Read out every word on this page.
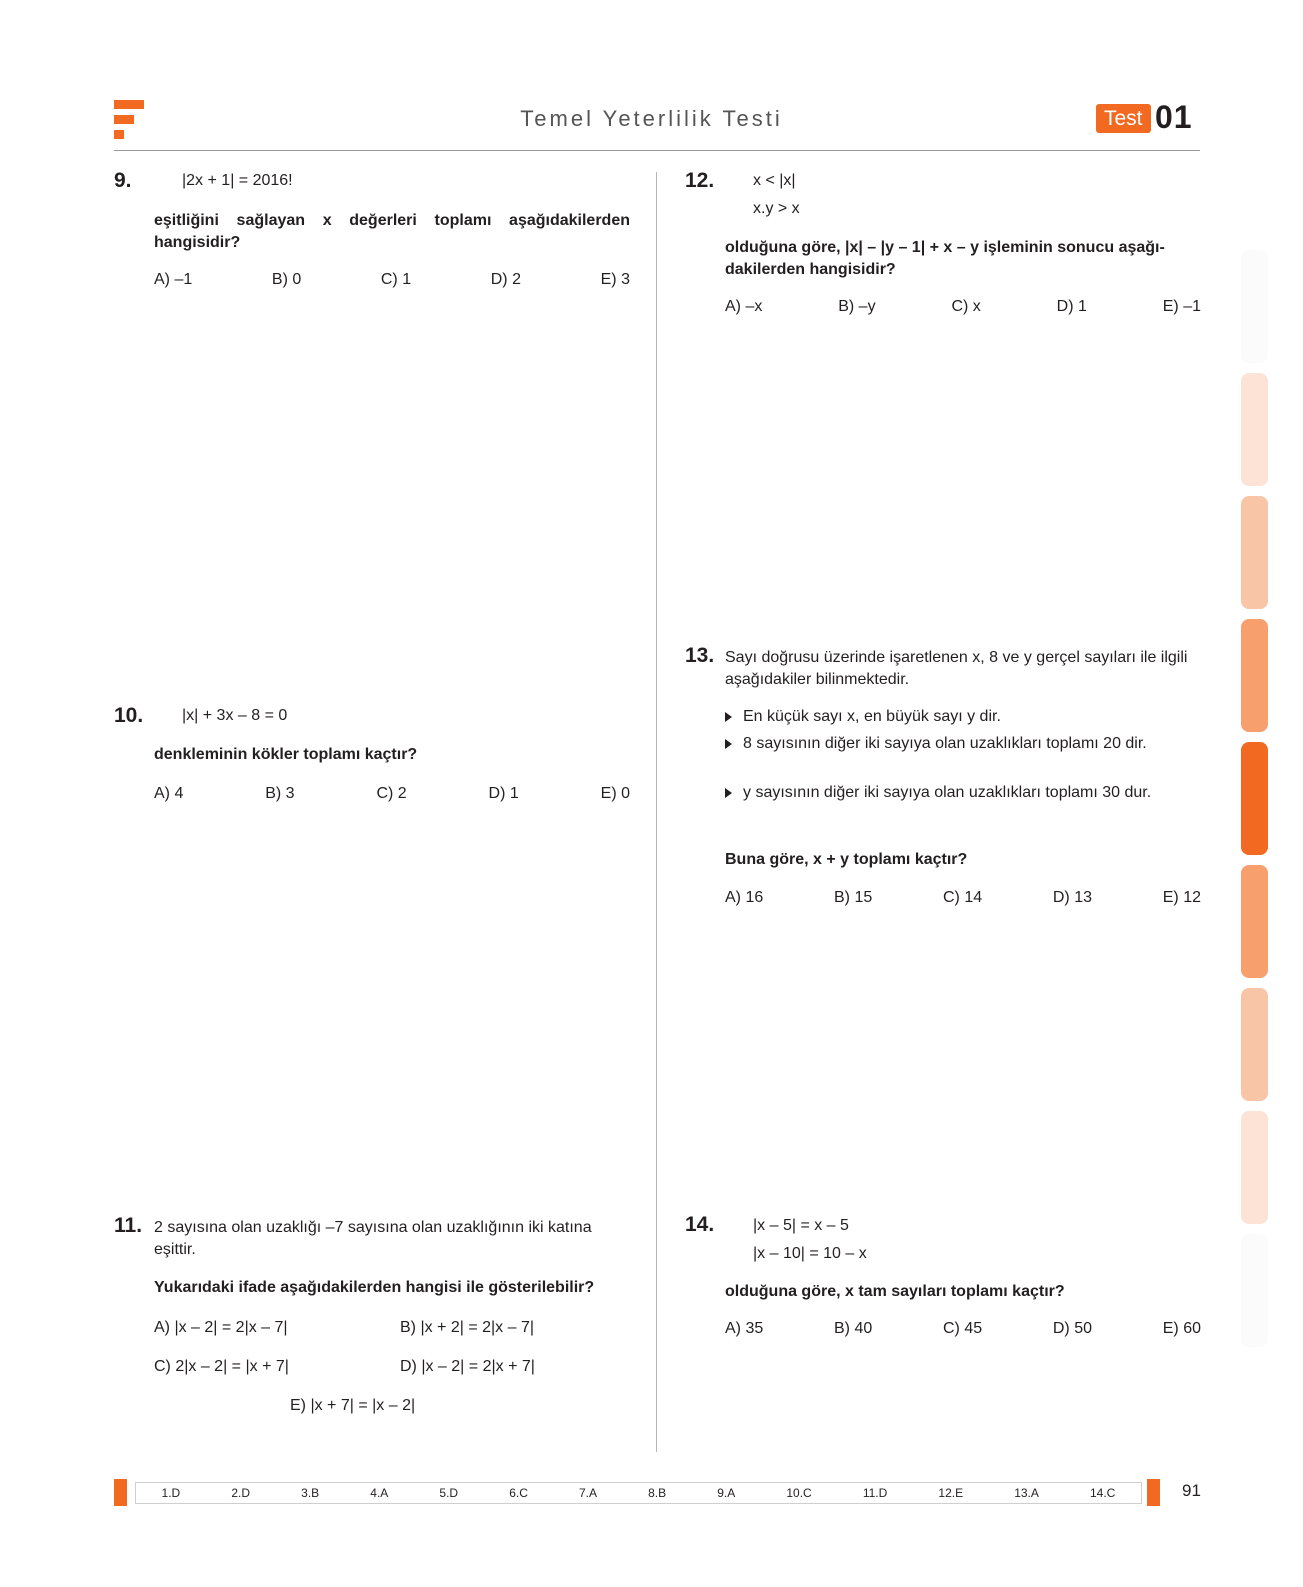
Temel Yeterlilik Testi	Test 01
9.	|2x + 1| = 2016!
eşitliğini sağlayan x değerleri toplamı aşağıdakilerden hangisidir?
A) –1	B) 0	C) 1	D) 2	E) 3
10. |x| + 3x – 8 = 0
denkleminin kökler toplamı kaçtır?
A) 4	B) 3	C) 2	D) 1	E) 0
11. 2 sayısına olan uzaklığı –7 sayısına olan uzaklığının iki katına eşittir.
Yukarıdaki ifade aşağıdakilerden hangisi ile gösterilebilir?
A) |x – 2| = 2|x – 7|	B) |x + 2| = 2|x – 7|
C) 2|x – 2| = |x + 7|	D) |x – 2| = 2|x + 7|
E) |x + 7| = |x – 2|
12. x < |x|
x.y > x
olduğuna göre, |x| – |y – 1| + x – y işleminin sonucu aşağı-dakilerden hangisidir?
A) –x	B) –y	C) x	D) 1	E) –1
13. Sayı doğrusu üzerinde işaretlenen x, 8 ve y gerçel sayıları ile ilgili aşağıdakiler bilinmektedir.
En küçük sayı x, en büyük sayı y dir.
8 sayısının diğer iki sayıya olan uzaklıkları toplamı 20 dir.
y sayısının diğer iki sayıya olan uzaklıkları toplamı 30 dur.
Buna göre, x + y toplamı kaçtır?
A) 16	B) 15	C) 14	D) 13	E) 12
14. |x – 5| = x – 5
|x – 10| = 10 – x
olduğuna göre, x tam sayıları toplamı kaçtır?
A) 35	B) 40	C) 45	D) 50	E) 60
1.D	2.D	3.B	4.A	5.D	6.C	7.A	8.B	9.A	10.C	11.D	12.E	13.A	14.C	91
